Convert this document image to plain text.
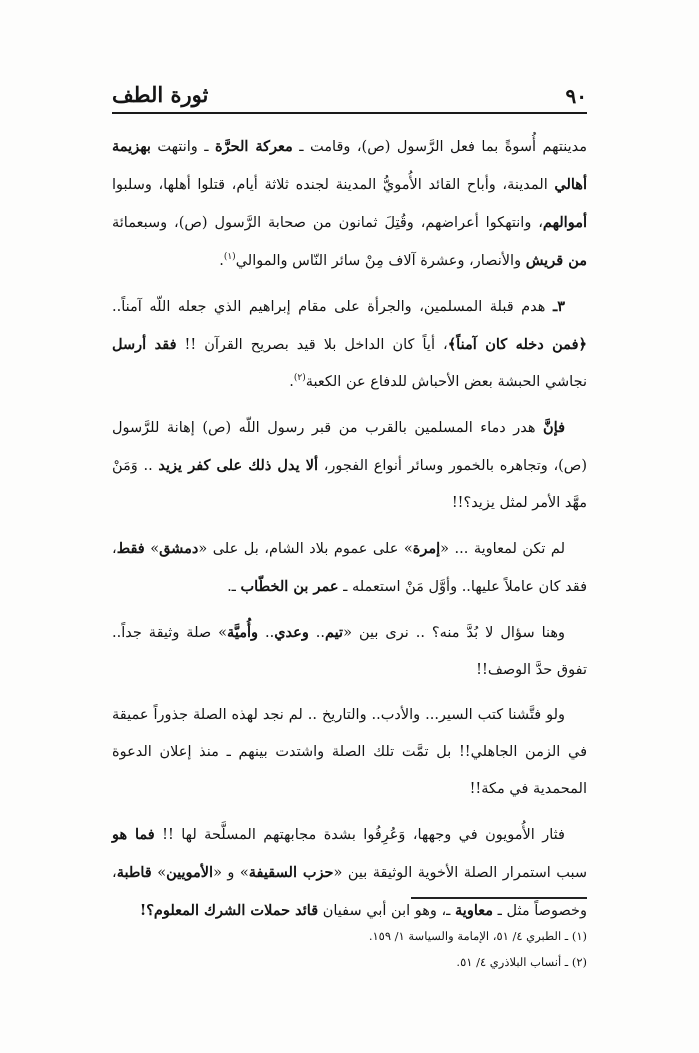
٩٠
ثورة الطف

مدينتهم أُسوةً بما فعل الرَّسول (ص)، وقامت ـ معركة الحرَّة ـ وانتهت بهزيمة أهالي المدينة، وأباح القائد الأُمويُّ المدينة لجنده ثلاثة أيام، قتلوا أهلها، وسلبوا أموالهم، وانتهكوا أعراضهم، وقُتِلَ ثمانون من صحابة الرَّسول (ص)، وسبعمائة من قريش والأنصار، وعشرة آلاف مِنْ سائر النّاس والموالي$^{(١)}$.

٣ـ هدم قبلة المسلمين، والجرأة على مقام إبراهيم الذي جعله اللّه آمناً.. ﴿فمن دخله كان آمناً﴾، أياً كان الداخل بلا قيد بصريح القرآن !! فقد أرسل نجاشي الحبشة بعض الأحباش للدفاع عن الكعبة$^{(٢)}$.

فإنَّ هدر دماء المسلمين بالقرب من قبر رسول اللّه (ص) إهانة للرَّسول (ص)، وتجاهره بالخمور وسائر أنواع الفجور، ألا يدل ذلك على كفر يزيد .. وَمَنْ مهَّد الأمر لمثل يزيد؟!!

لم تكن لمعاوية ... «إمرة» على عموم بلاد الشام، بل على «دمشق» فقط، فقد كان عاملاً عليها.. وأوَّل مَنْ استعمله ـ عمر بن الخطّاب ـ.

وهنا سؤال لا بُدَّ منه؟ .. نرى بين «تيم.. وعدي.. وأُميَّة» صلة وثيقة جداً.. تفوق حدَّ الوصف!!

ولو فتَّشنا كتب السير... والأدب.. والتاريخ .. لم نجد لهذه الصلة جذوراً عميقة في الزمن الجاهلي!! بل تمَّت تلك الصلة واشتدت بينهم ـ منذ إعلان الدعوة المحمدية في مكة!!

فثار الأُمويون في وجهها، وَعُرِفُوا بشدة مجابهتهم المسلَّحة لها !! فما هو سبب استمرار الصلة الأخوية الوثيقة بين «حزب السقيفة» و «الأمويين» قاطبة، وخصوصاً مثل ـ معاوية ـ، وهو ابن أبي سفيان قائد حملات الشرك المعلوم؟!

(١) ـ الطبري ٤/ ٥١، الإمامة والسياسة ١/ ١٥٩.
(٢) ـ أنساب البلاذري ٤/ ٥١.
